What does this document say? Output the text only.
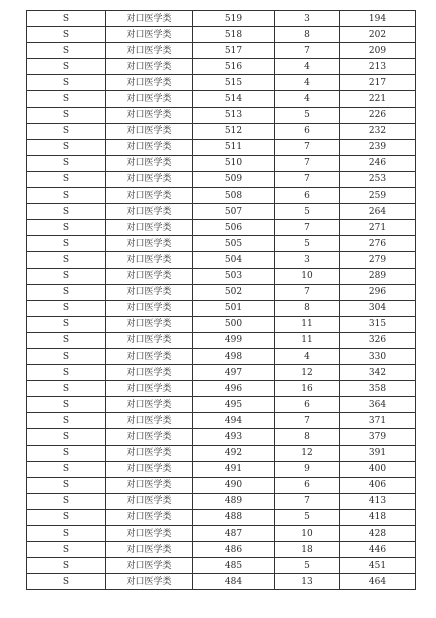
S	对口医学类	519	3	194
S	对口医学类	518	8	202
S	对口医学类	517	7	209
S	对口医学类	516	4	213
S	对口医学类	515	4	217
S	对口医学类	514	4	221
S	对口医学类	513	5	226
S	对口医学类	512	6	232
S	对口医学类	511	7	239
S	对口医学类	510	7	246
S	对口医学类	509	7	253
S	对口医学类	508	6	259
S	对口医学类	507	5	264
S	对口医学类	506	7	271
S	对口医学类	505	5	276
S	对口医学类	504	3	279
S	对口医学类	503	10	289
S	对口医学类	502	7	296
S	对口医学类	501	8	304
S	对口医学类	500	11	315
S	对口医学类	499	11	326
S	对口医学类	498	4	330
S	对口医学类	497	12	342
S	对口医学类	496	16	358
S	对口医学类	495	6	364
S	对口医学类	494	7	371
S	对口医学类	493	8	379
S	对口医学类	492	12	391
S	对口医学类	491	9	400
S	对口医学类	490	6	406
S	对口医学类	489	7	413
S	对口医学类	488	5	418
S	对口医学类	487	10	428
S	对口医学类	486	18	446
S	对口医学类	485	5	451
S	对口医学类	484	13	464
